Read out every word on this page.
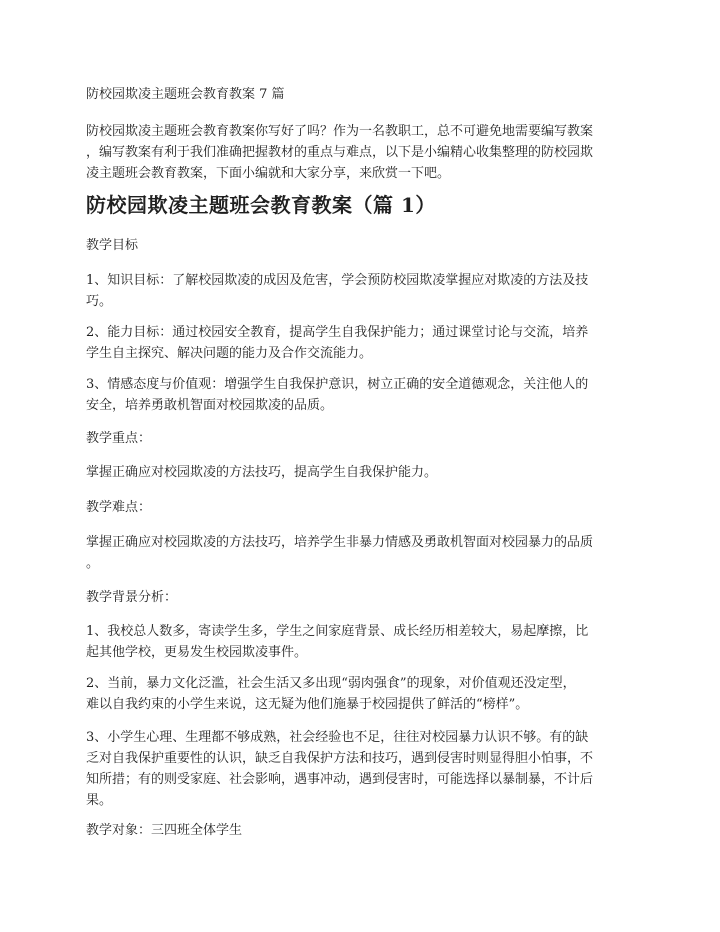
防校园欺凌主题班会教育教案 7 篇
防校园欺凌主题班会教育教案你写好了吗？作为一名教职工，总不可避免地需要编写教案
，编写教案有利于我们准确把握教材的重点与难点，以下是小编精心收集整理的防校园欺
凌主题班会教育教案，下面小编就和大家分享，来欣赏一下吧。
防校园欺凌主题班会教育教案（篇 1）
教学目标
1、知识目标：了解校园欺凌的成因及危害，学会预防校园欺凌掌握应对欺凌的方法及技
巧。
2、能力目标：通过校园安全教育，提高学生自我保护能力；通过课堂讨论与交流，培养
学生自主探究、解决问题的能力及合作交流能力。
3、情感态度与价值观：增强学生自我保护意识，树立正确的安全道德观念，关注他人的
安全，培养勇敢机智面对校园欺凌的品质。
教学重点：
掌握正确应对校园欺凌的方法技巧，提高学生自我保护能力。
教学难点：
掌握正确应对校园欺凌的方法技巧，培养学生非暴力情感及勇敢机智面对校园暴力的品质
。
教学背景分析：
1、我校总人数多，寄读学生多，学生之间家庭背景、成长经历相差较大，易起摩擦，比
起其他学校，更易发生校园欺凌事件。
2、当前，暴力文化泛滥，社会生活又多出现“弱肉强食”的现象，对价值观还没定型，
难以自我约束的小学生来说，这无疑为他们施暴于校园提供了鲜活的“榜样”。
3、小学生心理、生理都不够成熟，社会经验也不足，往往对校园暴力认识不够。有的缺
乏对自我保护重要性的认识，缺乏自我保护方法和技巧，遇到侵害时则显得胆小怕事，不
知所措；有的则受家庭、社会影响，遇事冲动，遇到侵害时，可能选择以暴制暴，不计后
果。
教学对象：三四班全体学生
